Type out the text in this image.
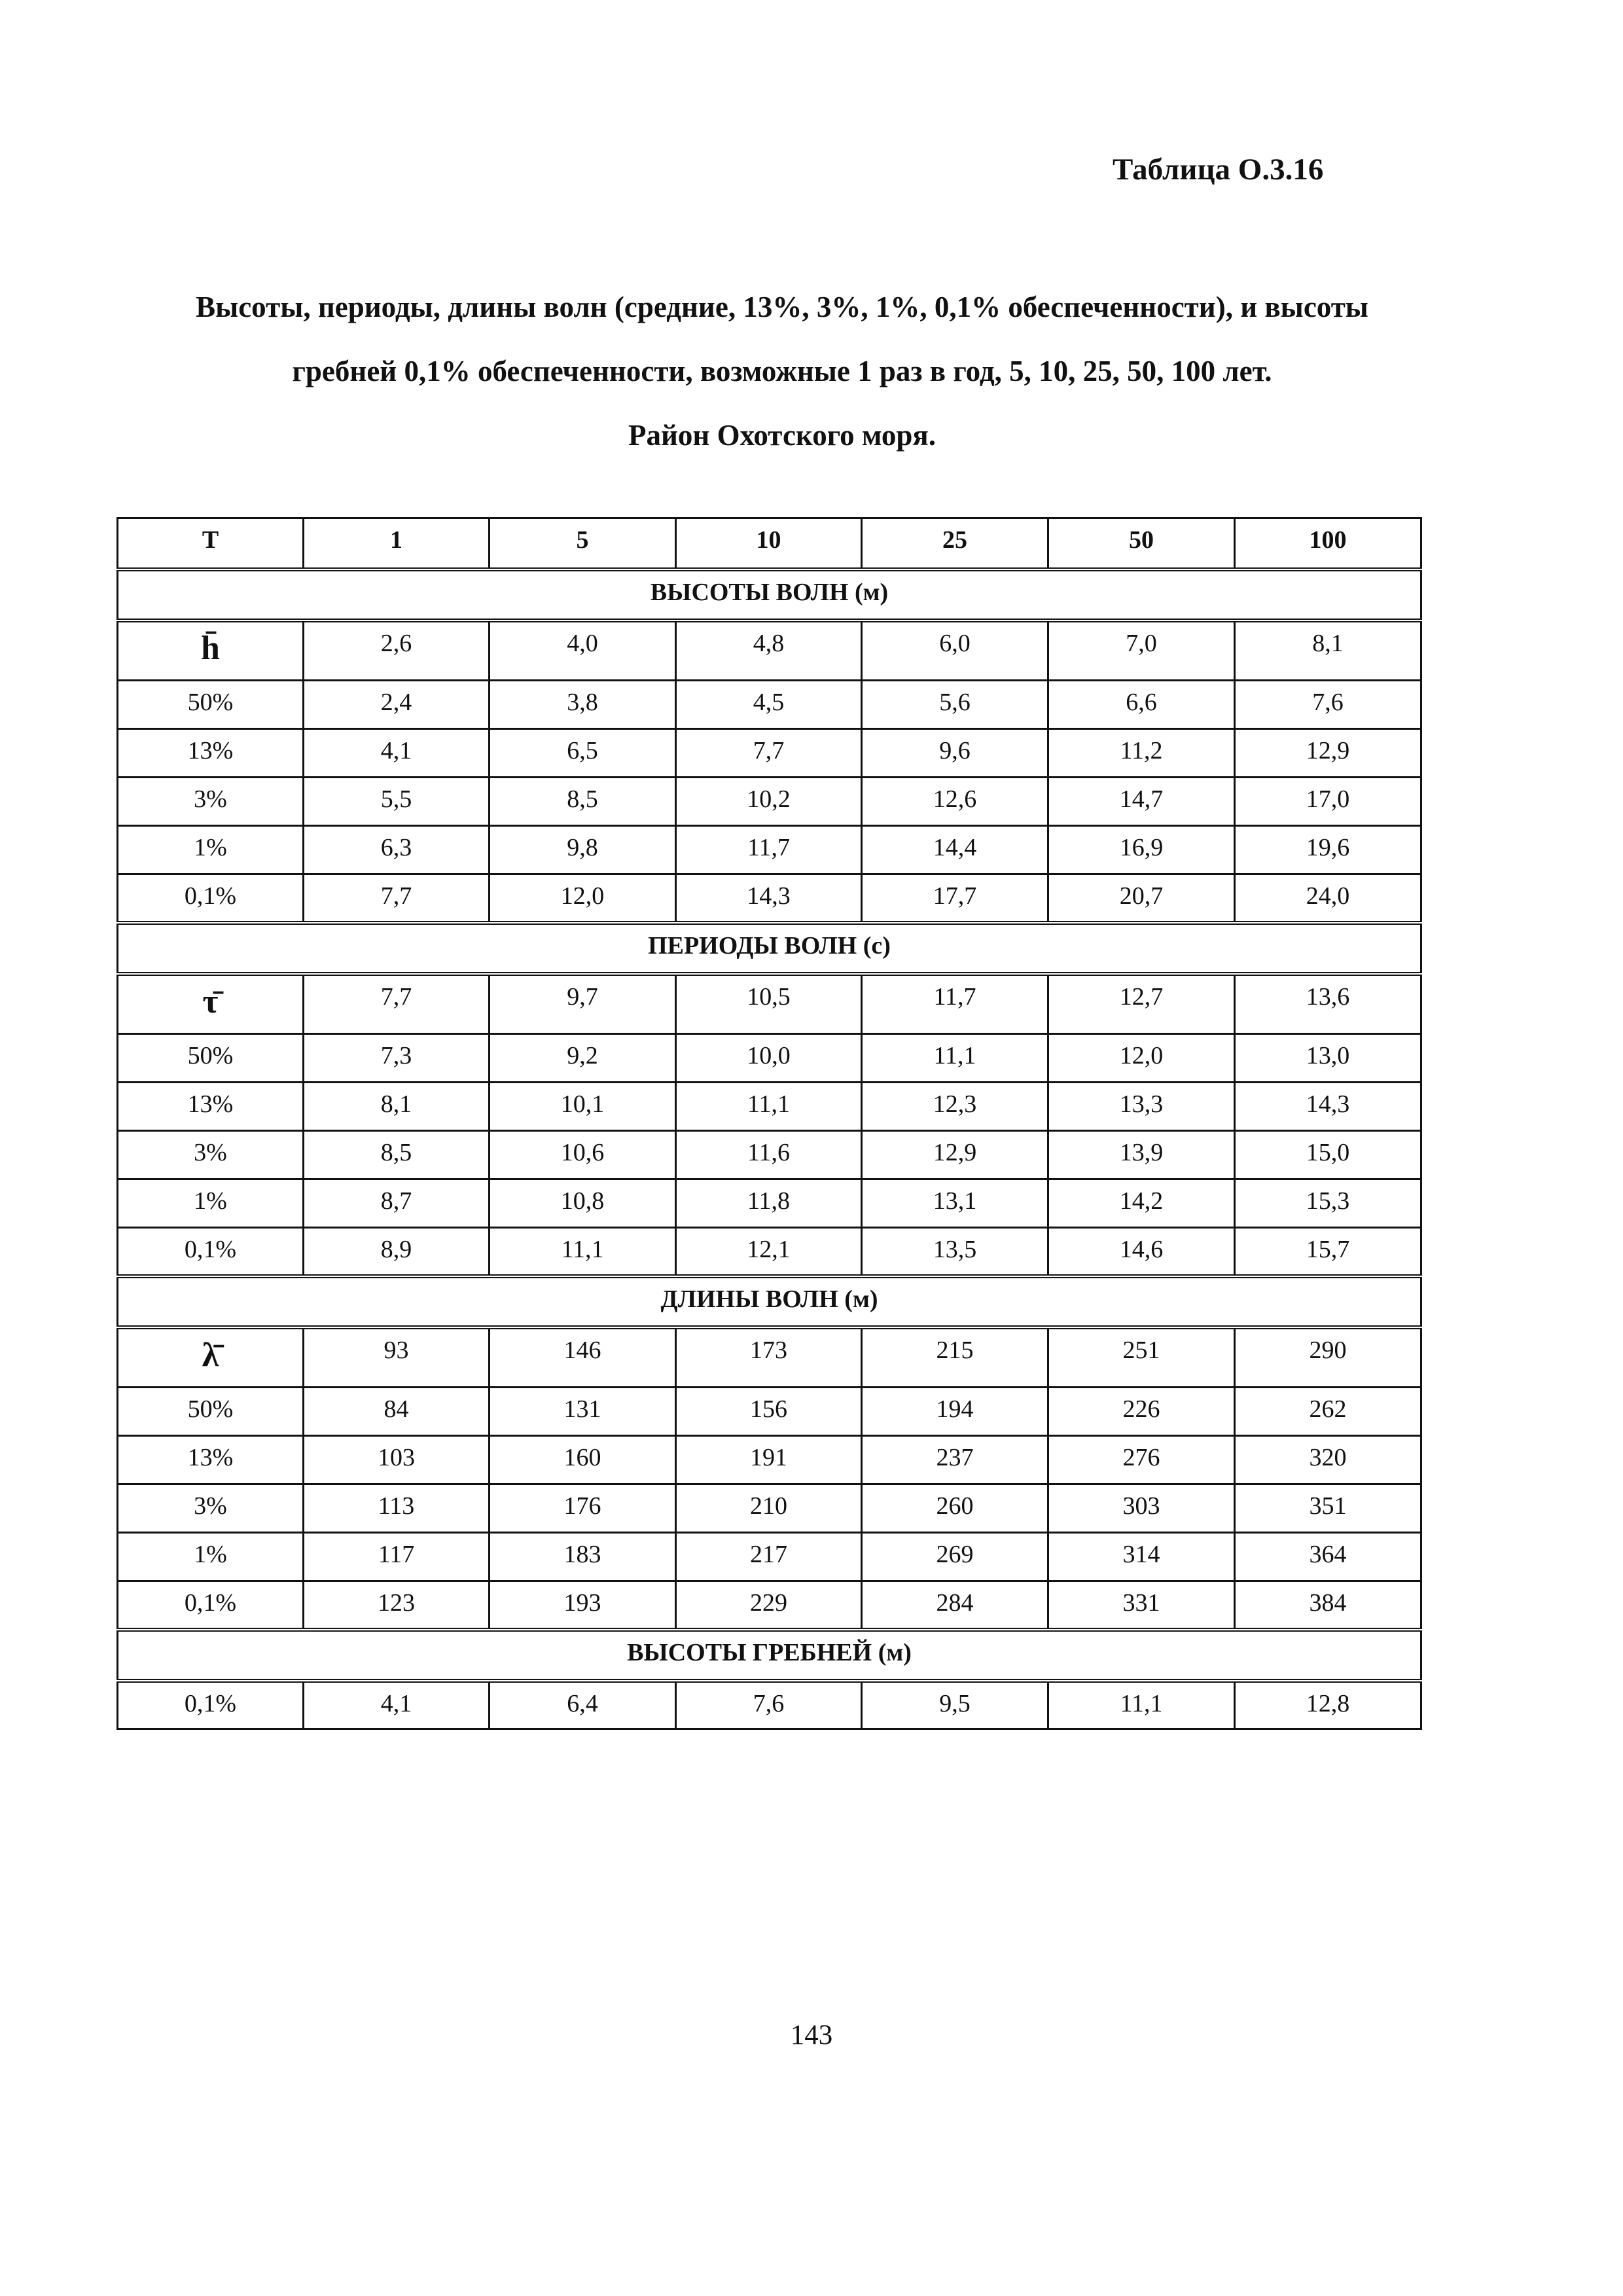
Таблица О.3.16
Высоты, периоды, длины волн (средние, 13%, 3%, 1%, 0,1% обеспеченности), и высоты
гребней 0,1% обеспеченности, возможные 1 раз в год, 5, 10, 25, 50, 100 лет.
Район Охотского моря.
T	1	5	10	25	50	100
ВЫСОТЫ ВОЛН (м)						
h̄	2,6	4,0	4,8	6,0	7,0	8,1
50%	2,4	3,8	4,5	5,6	6,6	7,6
13%	4,1	6,5	7,7	9,6	11,2	12,9
3%	5,5	8,5	10,2	12,6	14,7	17,0
1%	6,3	9,8	11,7	14,4	16,9	19,6
0,1%	7,7	12,0	14,3	17,7	20,7	24,0
ПЕРИОДЫ ВОЛН (с)						
τ̄	7,7	9,7	10,5	11,7	12,7	13,6
50%	7,3	9,2	10,0	11,1	12,0	13,0
13%	8,1	10,1	11,1	12,3	13,3	14,3
3%	8,5	10,6	11,6	12,9	13,9	15,0
1%	8,7	10,8	11,8	13,1	14,2	15,3
0,1%	8,9	11,1	12,1	13,5	14,6	15,7
ДЛИНЫ ВОЛН (м)						
λ̄	93	146	173	215	251	290
50%	84	131	156	194	226	262
13%	103	160	191	237	276	320
3%	113	176	210	260	303	351
1%	117	183	217	269	314	364
0,1%	123	193	229	284	331	384
ВЫСОТЫ ГРЕБНЕЙ (м)						
0,1%	4,1	6,4	7,6	9,5	11,1	12,8
143
